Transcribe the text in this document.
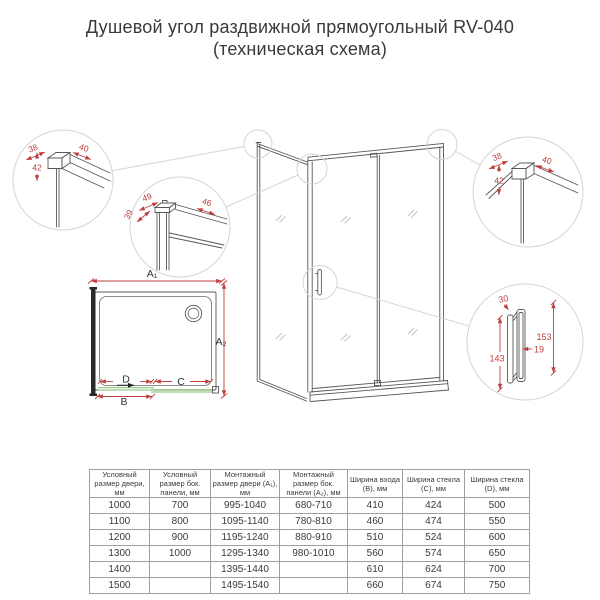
Душевой угол раздвижной прямоугольный RV-040
(техническая схема)
38	40
42
49	46
39
38	40
42
30
153
143
19
A₁
A₂
D	C
B
Условный размер двери, мм	Условный размер бок. панели, мм	Монтажный размер двери (A₁), мм	Монтажный размер бок. панели (A₂), мм	Ширина входа (B), мм	Ширина стекла (C), мм	Ширина стекла (D), мм
1000	700	995-1040	680-710	410	424	500
1100	800	1095-1140	780-810	460	474	550
1200	900	1195-1240	880-910	510	524	600
1300	1000	1295-1340	980-1010	560	574	650
1400		1395-1440		610	624	700
1500		1495-1540		660	674	750
